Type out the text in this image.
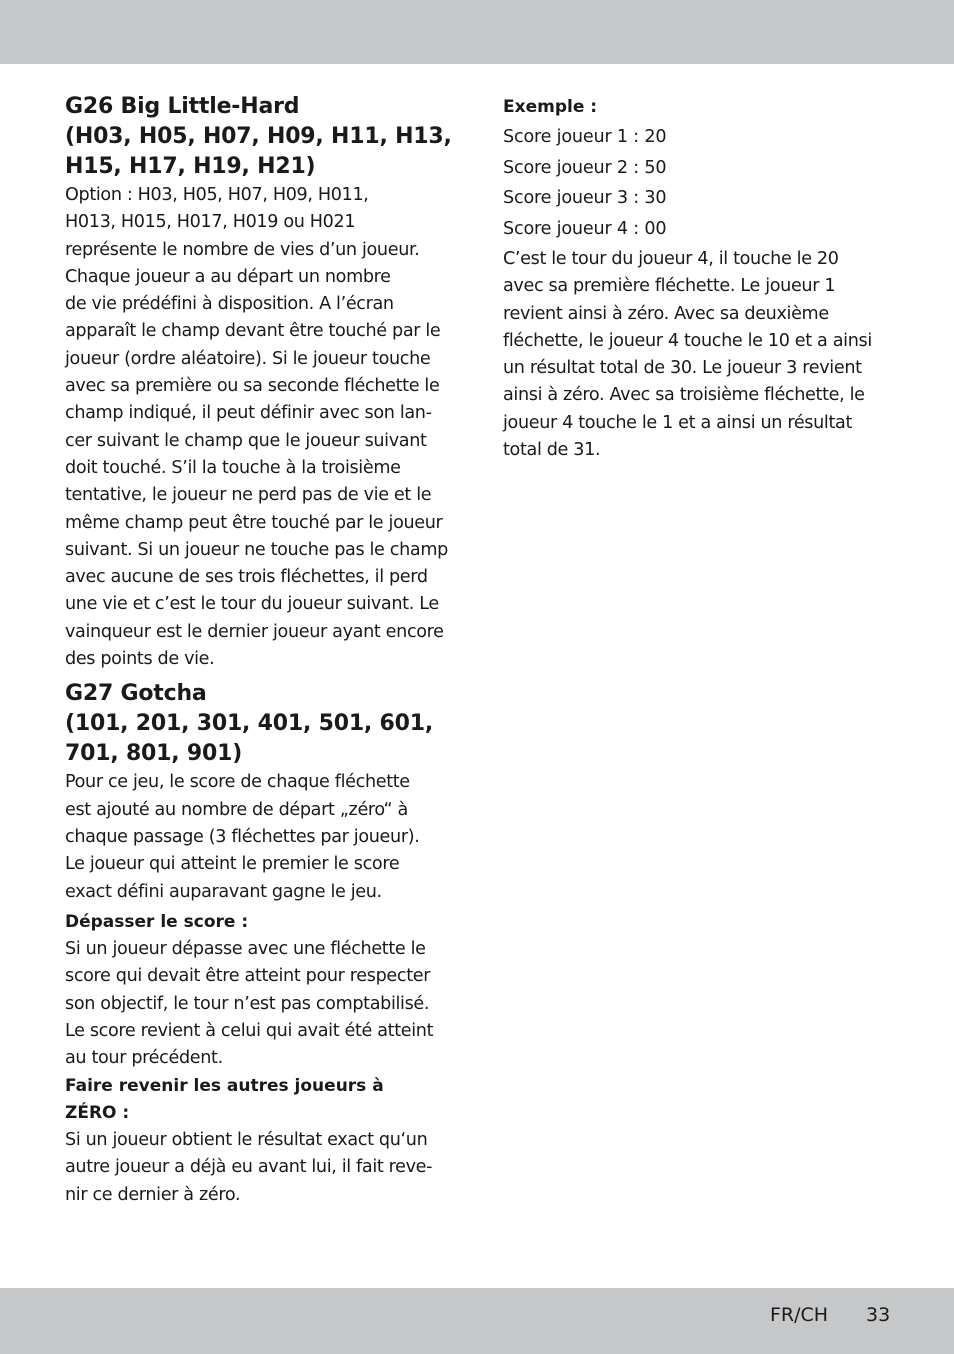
G26 Big Little-Hard
(H03, H05, H07, H09, H11, H13,
H15, H17, H19, H21)

Option : H03, H05, H07, H09, H011,
H013, H015, H017, H019 ou H021
représente le nombre de vies d’un joueur.
Chaque joueur a au départ un nombre
de vie prédéfini à disposition. A l’écran
apparaît le champ devant être touché par le
joueur (ordre aléatoire). Si le joueur touche
avec sa première ou sa seconde fléchette le
champ indiqué, il peut définir avec son lan-
cer suivant le champ que le joueur suivant
doit touché. S’il la touche à la troisième
tentative, le joueur ne perd pas de vie et le
même champ peut être touché par le joueur
suivant. Si un joueur ne touche pas le champ
avec aucune de ses trois fléchettes, il perd
une vie et c’est le tour du joueur suivant. Le
vainqueur est le dernier joueur ayant encore
des points de vie.

G27 Gotcha
(101, 201, 301, 401, 501, 601,
701, 801, 901)

Pour ce jeu, le score de chaque fléchette
est ajouté au nombre de départ „zéro“ à
chaque passage (3 fléchettes par joueur).
Le joueur qui atteint le premier le score
exact défini auparavant gagne le jeu.

Dépasser le score :

Si un joueur dépasse avec une fléchette le
score qui devait être atteint pour respecter
son objectif, le tour n’est pas comptabilisé.
Le score revient à celui qui avait été atteint
au tour précédent.

Faire revenir les autres joueurs à
ZÉRO :

Si un joueur obtient le résultat exact qu‘un
autre joueur a déjà eu avant lui, il fait reve-
nir ce dernier à zéro.

Exemple :
Score joueur 1 : 20
Score joueur 2 : 50
Score joueur 3 : 30
Score joueur 4 : 00

C’est le tour du joueur 4, il touche le 20
avec sa première fléchette. Le joueur 1
revient ainsi à zéro. Avec sa deuxième
fléchette, le joueur 4 touche le 10 et a ainsi
un résultat total de 30. Le joueur 3 revient
ainsi à zéro. Avec sa troisième fléchette, le
joueur 4 touche le 1 et a ainsi un résultat
total de 31.

FR/CH 33
